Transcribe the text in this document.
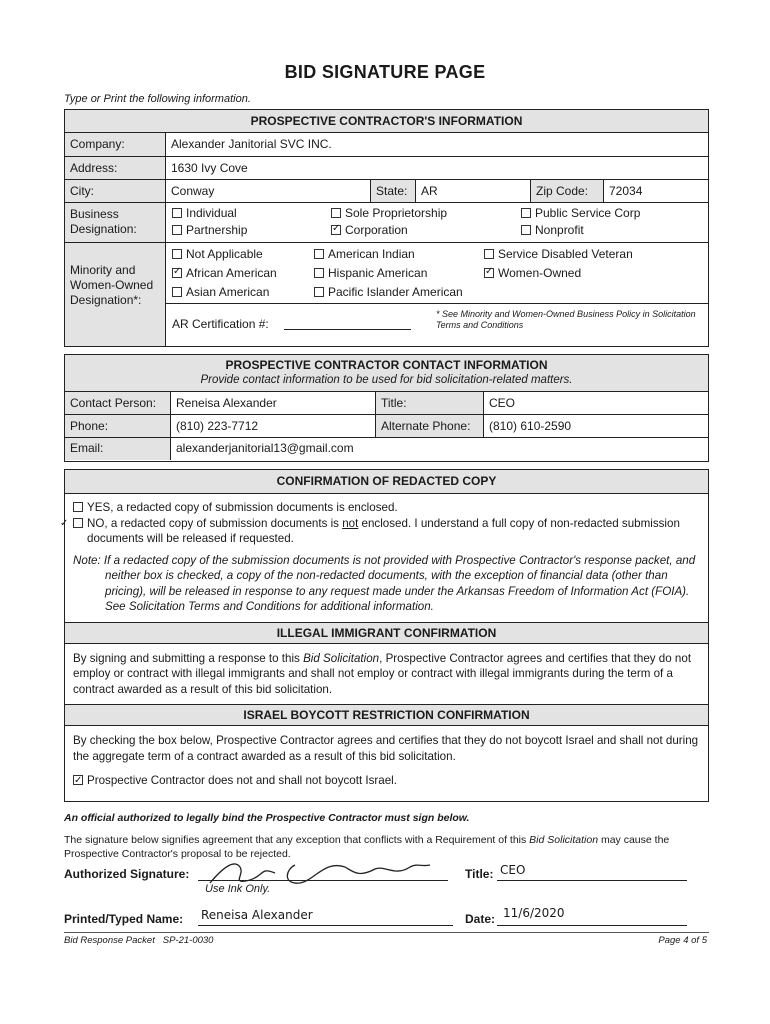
BID SIGNATURE PAGE
Type or Print the following information.
PROSPECTIVE CONTRACTOR'S INFORMATION
Company:	Alexander Janitorial SVC INC.
Address:	1630 Ivy Cove
City:	Conway	State:	AR	Zip Code:	72034
Business Designation:
Individual	Sole Proprietorship	Public Service Corp
Partnership ✓	Corporation	Nonprofit
Minority and Women-Owned Designation*:
Not Applicable	American Indian	Service Disabled Veteran
✓African American	Hispanic American ✓	Women-Owned
Asian American	Pacific Islander American
AR Certification #:
* See Minority and Women-Owned Business Policy in Solicitation Terms and Conditions
PROSPECTIVE CONTRACTOR CONTACT INFORMATION
Provide contact information to be used for bid solicitation-related matters.
Contact Person:	Reneisa Alexander	Title:	CEO
Phone:	(810) 223-7712	Alternate Phone:	(810) 610-2590
Email:	alexanderjanitorial13@gmail.com
CONFIRMATION OF REDACTED COPY
YES, a redacted copy of submission documents is enclosed.
✓NO, a redacted copy of submission documents is not enclosed. I understand a full copy of non-redacted submission documents will be released if requested.
Note: If a redacted copy of the submission documents is not provided with Prospective Contractor's response packet, and neither box is checked, a copy of the non-redacted documents, with the exception of financial data (other than pricing), will be released in response to any request made under the Arkansas Freedom of Information Act (FOIA). See Solicitation Terms and Conditions for additional information.
ILLEGAL IMMIGRANT CONFIRMATION
By signing and submitting a response to this Bid Solicitation, Prospective Contractor agrees and certifies that they do not employ or contract with illegal immigrants and shall not employ or contract with illegal immigrants during the term of a contract awarded as a result of this bid solicitation.
ISRAEL BOYCOTT RESTRICTION CONFIRMATION
By checking the box below, Prospective Contractor agrees and certifies that they do not boycott Israel and shall not during the aggregate term of a contract awarded as a result of this bid solicitation.
✓Prospective Contractor does not and shall not boycott Israel.
An official authorized to legally bind the Prospective Contractor must sign below.
The signature below signifies agreement that any exception that conflicts with a Requirement of this Bid Solicitation may cause the Prospective Contractor's proposal to be rejected.
Authorized Signature:
Use Ink Only.
Title: CEO
Printed/Typed Name: Reneisa Alexander	Date: 11/6/2020
Bid Response Packet   SP-21-0030	Page 4 of 5
